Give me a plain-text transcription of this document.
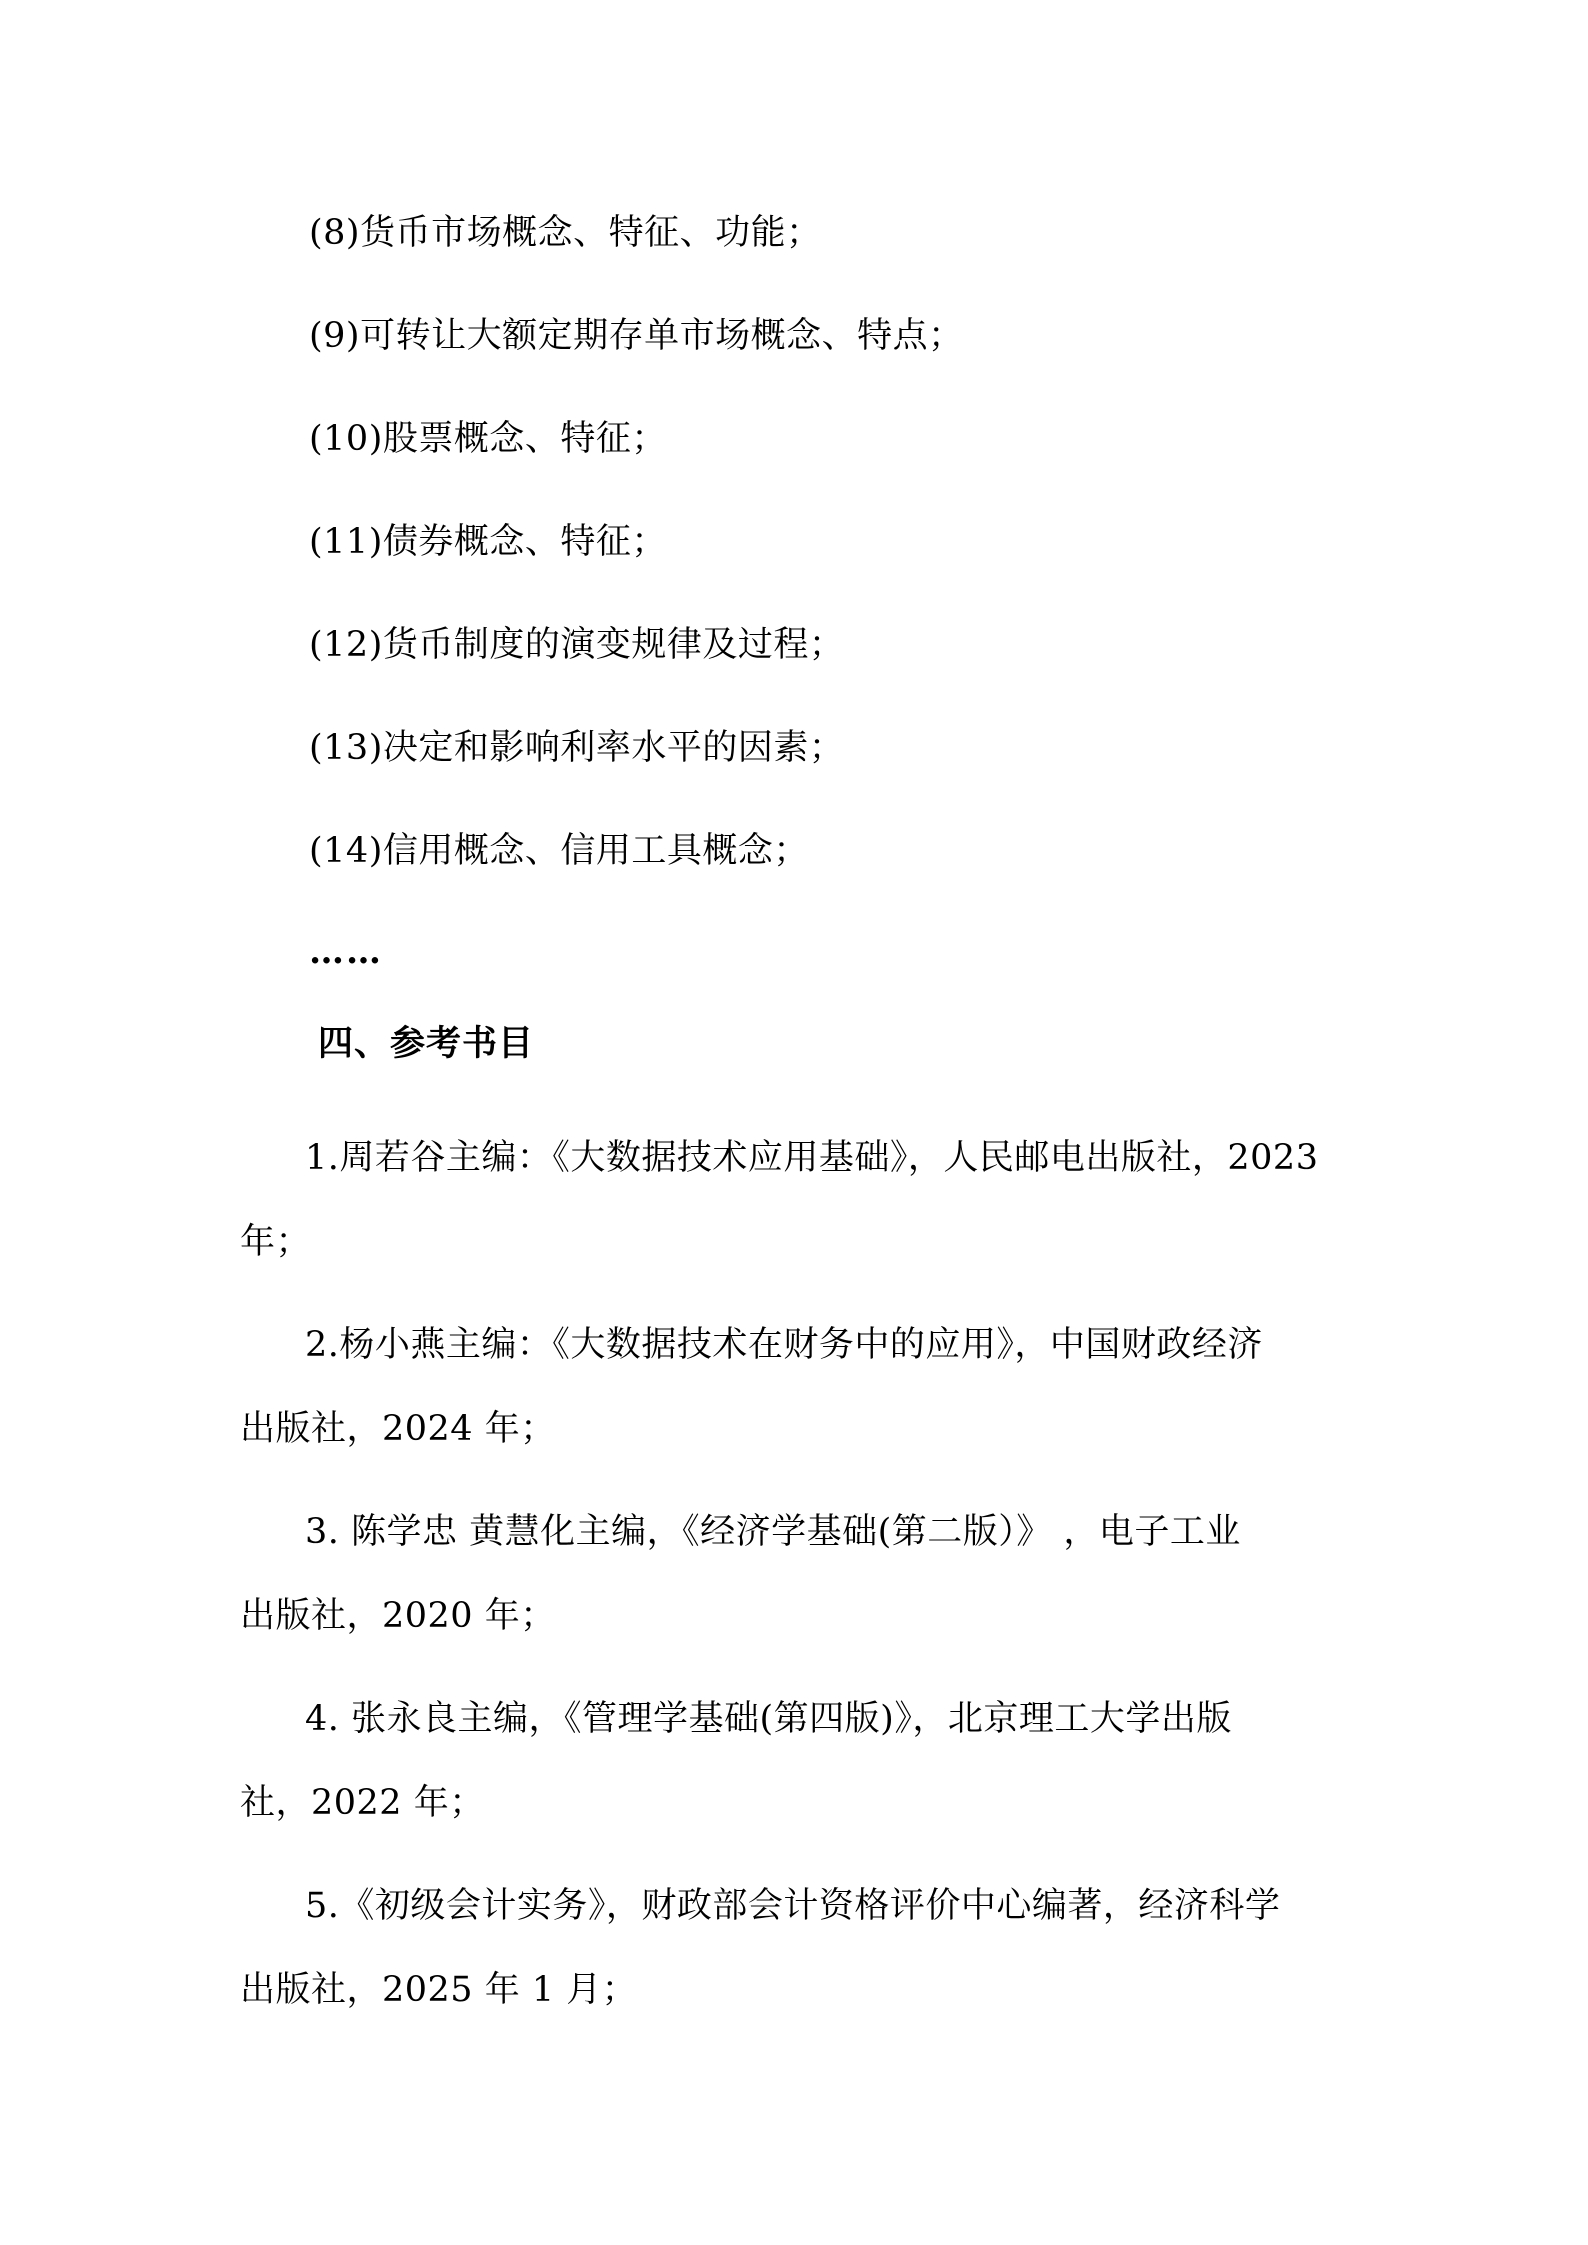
(8)货币市场概念、特征、功能；
(9)可转让大额定期存单市场概念、特点；
(10)股票概念、特征；
(11)债券概念、特征；
(12)货币制度的演变规律及过程；
(13)决定和影响利率水平的因素；
(14)信用概念、信用工具概念；
……
四、参考书目
1.周若谷主编：《大数据技术应用基础》，人民邮电出版社，2023
年；
2.杨小燕主编：《大数据技术在财务中的应用》，中国财政经济
出版社，2024 年；
3. 陈学忠 黄慧化主编，《经济学基础(第二版）》 ，电子工业
出版社，2020 年；
4. 张永良主编，《管理学基础(第四版)》，北京理工大学出版
社，2022 年；
5.《初级会计实务》，财政部会计资格评价中心编著，经济科学
出版社，2025 年 1 月；
